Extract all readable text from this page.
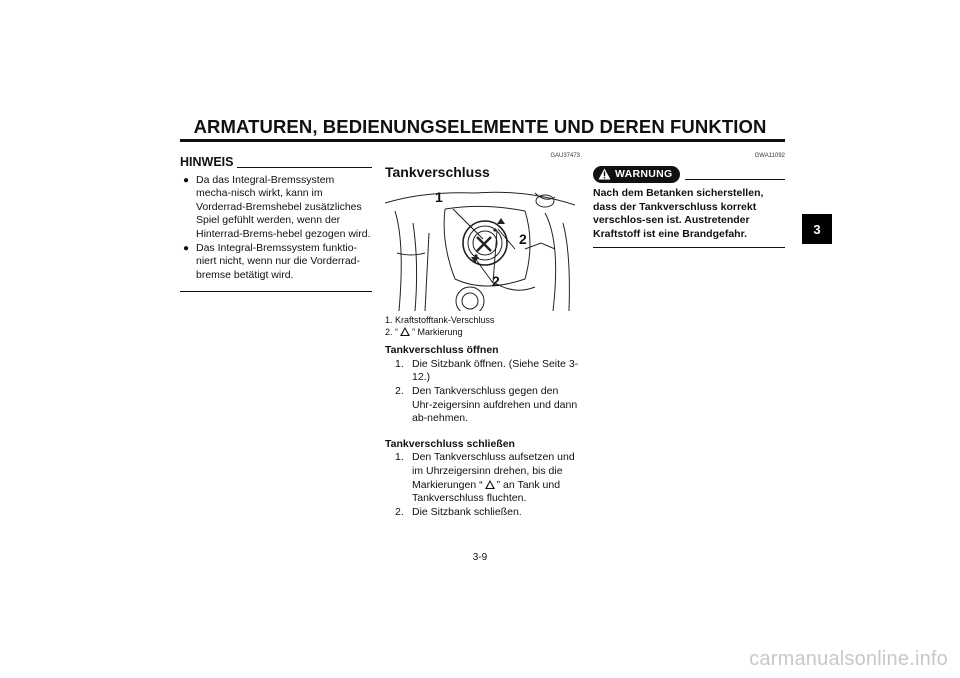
ARMATUREN, BEDIENUNGSELEMENTE UND DEREN FUNKTION
3
HINWEIS
● Da das Integral-Bremssystem mecha-nisch wirkt, kann im Vorderrad-Bremshebel zusätzliches Spiel gefühlt werden, wenn der Hinterrad-Brems-hebel gezogen wird.
● Das Integral-Bremssystem funktio-niert nicht, wenn nur die Vorderrad-bremse betätigt wird.
GAU37473
Tankverschluss
1
2
2
1. Kraftstofftank-Verschluss
2. “ ” Markierung
Tankverschluss öffnen
1. Die Sitzbank öffnen. (Siehe Seite 3-12.)
2. Den Tankverschluss gegen den Uhr-zeigersinn aufdrehen und dann ab-nehmen.
Tankverschluss schließen
1. Den Tankverschluss aufsetzen und im Uhrzeigersinn drehen, bis die Markierungen “ ” an Tank und Tankverschluss fluchten.
2. Die Sitzbank schließen.
GWA11092
WARNUNG
Nach dem Betanken sicherstellen, dass der Tankverschluss korrekt verschlos-sen ist. Austretender Kraftstoff ist eine Brandgefahr.
3-9
carmanualsonline.info
